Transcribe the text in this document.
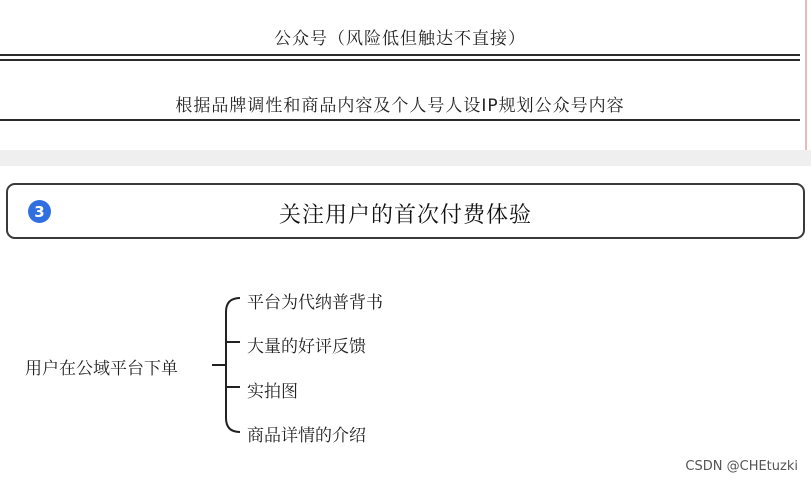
公众号（风险低但触达不直接）
根据品牌调性和商品内容及个人号人设IP规划公众号内容
3	关注用户的首次付费体验
用户在公域平台下单
平台为代纳普背书
大量的好评反馈
实拍图
商品详情的介绍
CSDN @CHEtuzki
